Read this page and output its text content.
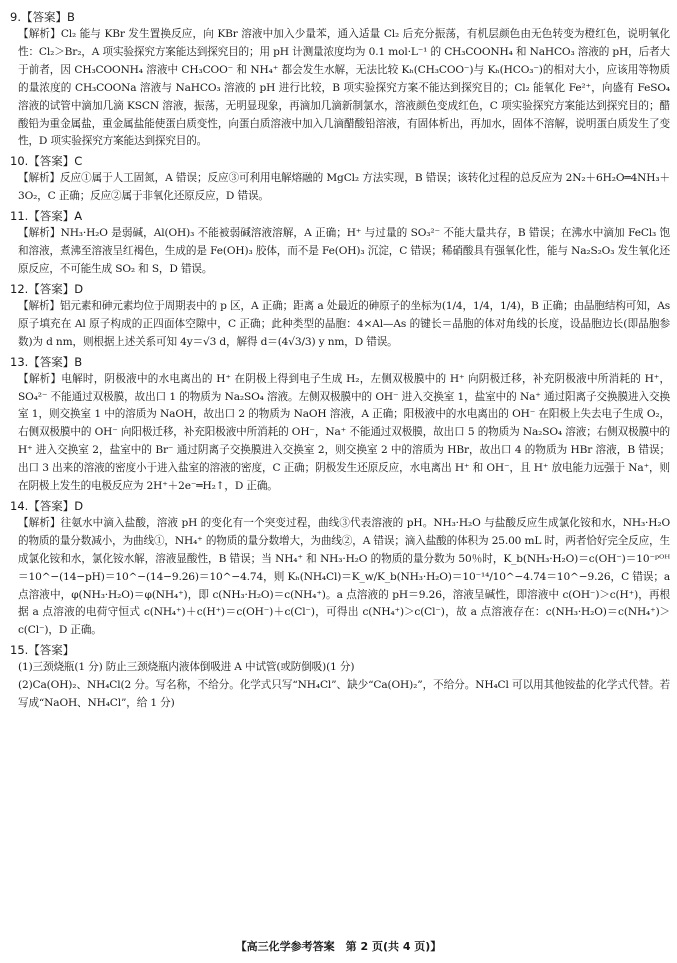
9.【答案】B

【解析】Cl₂ 能与 KBr 发生置换反应，向 KBr 溶液中加入少量苯，通入适量 Cl₂ 后充分振荡，有机层颜色由无色转变为橙红色，说明氧化性：Cl₂＞Br₂，A 项实验探究方案能达到探究目的；用 pH 计测量浓度均为 0.1 mol·L⁻¹ 的 CH₃COONH₄ 和 NaHCO₃ 溶液的 pH，后者大于前者，因 CH₃COONH₄ 溶液中 CH₃COO⁻ 和 NH₄⁺ 都会发生水解，无法比较 Kₕ(CH₃COO⁻)与 Kₕ(HCO₃⁻)的相对大小，应该用等物质的量浓度的 CH₃COONa 溶液与 NaHCO₃ 溶液的 pH 进行比较，B 项实验探究方案不能达到探究目的；Cl₂ 能氧化 Fe²⁺，向盛有 FeSO₄ 溶液的试管中滴加几滴 KSCN 溶液，振荡，无明显现象，再滴加几滴新制氯水，溶液颜色变成红色，C 项实验探究方案能达到探究目的；醋酸铅为重金属盐，重金属盐能使蛋白质变性，向蛋白质溶液中加入几滴醋酸铅溶液，有固体析出，再加水，固体不溶解，说明蛋白质发生了变性，D 项实验探究方案能达到探究目的。

10.【答案】C

【解析】反应①属于人工固氮，A 错误；反应③可利用电解熔融的 MgCl₂ 方法实现，B 错误；该转化过程的总反应为 2N₂＋6H₂O═4NH₃＋3O₂，C 正确；反应②属于非氧化还原反应，D 错误。

11.【答案】A

【解析】NH₃·H₂O 是弱碱，Al(OH)₃ 不能被弱碱溶液溶解，A 正确；H⁺ 与过量的 SO₃²⁻ 不能大量共存，B 错误；在沸水中滴加 FeCl₃ 饱和溶液，煮沸至溶液呈红褐色，生成的是 Fe(OH)₃ 胶体，而不是 Fe(OH)₃ 沉淀，C 错误；稀硝酸具有强氧化性，能与 Na₂S₂O₃ 发生氧化还原反应，不可能生成 SO₂ 和 S，D 错误。

12.【答案】D

【解析】铝元素和砷元素均位于周期表中的 p 区，A 正确；距离 a 处最近的砷原子的坐标为(1/4，1/4，1/4)，B 正确；由晶胞结构可知，As 原子填充在 Al 原子构成的正四面体空隙中，C 正确；此种类型的晶胞：4×Al—As 的键长＝晶胞的体对角线的长度，设晶胞边长(即晶胞参数)为 d nm，则根据上述关系可知 4y＝√3 d，解得 d＝(4√3/3) y nm，D 错误。

13.【答案】B

【解析】电解时，阴极液中的水电离出的 H⁺ 在阴极上得到电子生成 H₂，左侧双极膜中的 H⁺ 向阴极迁移，补充阴极液中所消耗的 H⁺，SO₄²⁻ 不能通过双极膜，故出口 1 的物质为 Na₂SO₄ 溶液。左侧双极膜中的 OH⁻ 进入交换室 1，盐室中的 Na⁺ 通过阳离子交换膜进入交换室 1，则交换室 1 中的溶质为 NaOH，故出口 2 的物质为 NaOH 溶液，A 正确；阳极液中的水电离出的 OH⁻ 在阳极上失去电子生成 O₂，右侧双极膜中的 OH⁻ 向阳极迁移，补充阳极液中所消耗的 OH⁻，Na⁺ 不能通过双极膜，故出口 5 的物质为 Na₂SO₄ 溶液；右侧双极膜中的 H⁺ 进入交换室 2，盐室中的 Br⁻ 通过阴离子交换膜进入交换室 2，则交换室 2 中的溶质为 HBr，故出口 4 的物质为 HBr 溶液，B 错误；出口 3 出来的溶液的密度小于进入盐室的溶液的密度，C 正确；阴极发生还原反应，水电离出 H⁺ 和 OH⁻，且 H⁺ 放电能力远强于 Na⁺，则在阴极上发生的电极反应为 2H⁺＋2e⁻═H₂↑，D 正确。

14.【答案】D

【解析】往氨水中滴入盐酸，溶液 pH 的变化有一个突变过程，曲线③代表溶液的 pH。NH₃·H₂O 与盐酸反应生成氯化铵和水，NH₃·H₂O 的物质的量分数减小，为曲线①，NH₄⁺ 的物质的量分数增大，为曲线②，A 错误；滴入盐酸的体积为 25.00 mL 时，两者恰好完全反应，生成氯化铵和水，氯化铵水解，溶液显酸性，B 错误；当 NH₄⁺ 和 NH₃·H₂O 的物质的量分数为 50％时，K_b(NH₃·H₂O)＝c(OH⁻)＝10⁻ᵖᴼᴴ＝10^−(14−pH)＝10^−(14−9.26)＝10^−4.74，则 Kₕ(NH₄Cl)＝K_w/K_b(NH₃·H₂O)＝10⁻¹⁴/10^−4.74＝10^−9.26，C 错误；a 点溶液中，φ(NH₃·H₂O)＝φ(NH₄⁺)，即 c(NH₃·H₂O)＝c(NH₄⁺)。a 点溶液的 pH＝9.26，溶液呈碱性，即溶液中 c(OH⁻)＞c(H⁺)，再根据 a 点溶液的电荷守恒式 c(NH₄⁺)＋c(H⁺)＝c(OH⁻)＋c(Cl⁻)，可得出 c(NH₄⁺)＞c(Cl⁻)，故 a 点溶液存在：c(NH₃·H₂O)＝c(NH₄⁺)＞c(Cl⁻)，D 正确。

15.【答案】

(1)三颈烧瓶(1 分) 防止三颈烧瓶内液体倒吸进 A 中试管(或防倒吸)(1 分)

(2)Ca(OH)₂、NH₄Cl(2 分。写名称，不给分。化学式只写“NH₄Cl”、缺少“Ca(OH)₂”，不给分。NH₄Cl 可以用其他铵盐的化学式代替。若写成“NaOH、NH₄Cl”，给 1 分)

【高三化学参考答案　第 2 页(共 4 页)】
